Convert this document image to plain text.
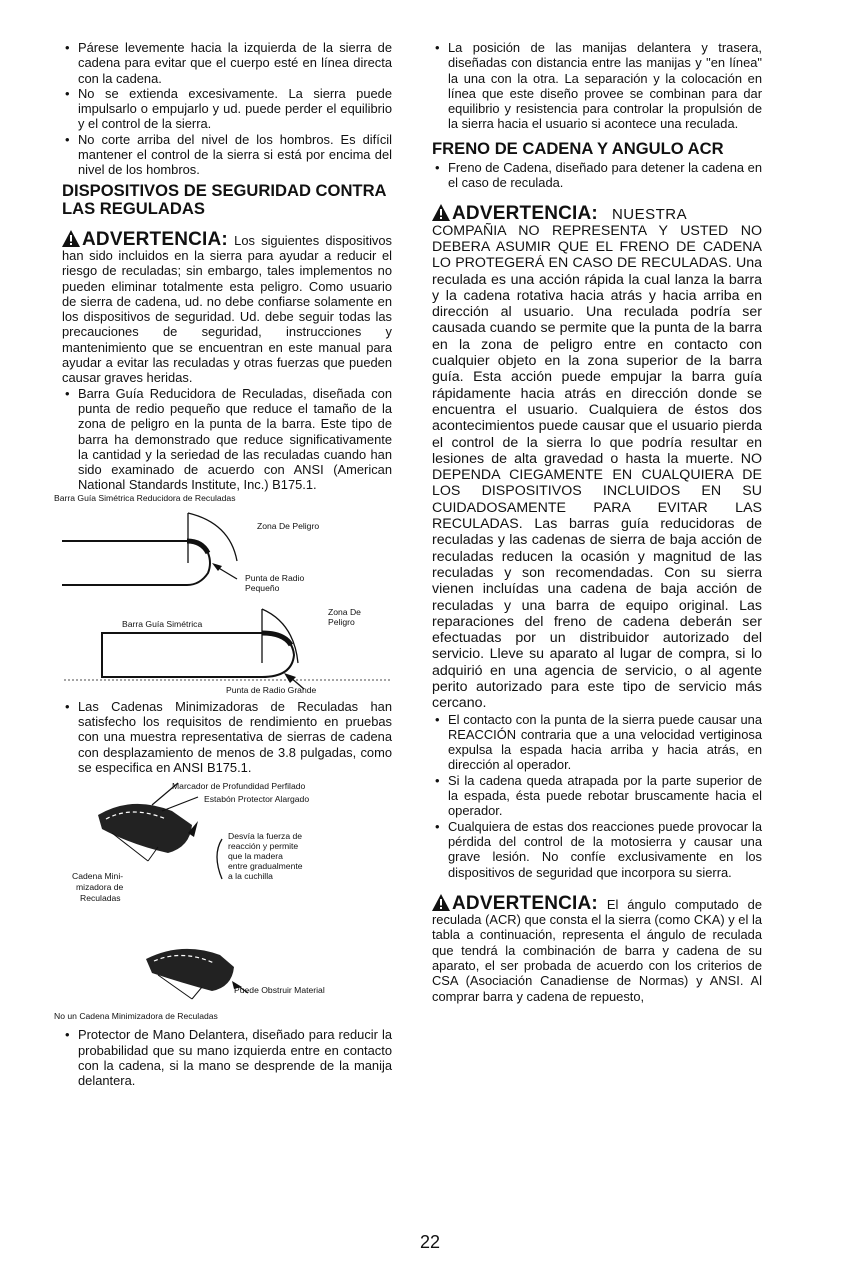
• Párese levemente hacia la izquierda de la sierra de cadena para evitar que el cuerpo esté en línea directa con la cadena.
• No se extienda excesivamente. La sierra puede impulsarlo o empujarlo y ud. puede perder el equilibrio y el control de la sierra.
• No corte arriba del nivel de los hombros. Es difícil mantener el control de la sierra si está por encima del nivel de los hombros.
DISPOSITIVOS DE SEGURIDAD CONTRA LAS REGULADAS

ADVERTENCIA: Los siguientes dispositivos han sido incluidos en la sierra para ayudar a reducir el riesgo de reculadas; sin embargo, tales implementos no pueden eliminar totalmente esta peligro. Como usuario de sierra de cadena, ud. no debe confiarse solamente en los dispositivos de seguridad. Ud. debe seguir todas las precauciones de seguridad, instrucciones y mantenimiento que se encuentran en este manual para ayudar a evitar las reculadas y otras fuerzas que pueden causar graves heridas.

• Barra Guía Reducidora de Reculadas, diseñada con punta de redio pequeño que reduce el tamaño de la zona de peligro en la punta de la barra. Este tipo de barra ha demonstrado que reduce significativamente la cantidad y la seriedad de las reculadas cuando han sido examinado de acuerdo con ANSI (American National Standards Institute, Inc.) B175.1.
Barra Guía Simétrica Reducidora de Reculadas
Zona De Peligro
Punta de Radio
Pequeño
Zona De
Peligro
Barra Guía Simétrica
Punta de Radio Grande
• Las Cadenas Minimizadoras de Reculadas han satisfecho los requisitos de rendimiento en pruebas con una muestra representativa de sierras de cadena con desplazamiento de menos de 3.8 pulgadas, como se especifica en ANSI B175.1.
Marcador de Profundidad Perfilado
Estabón Protector Alargado
Desvía la fuerza de
reacción y permite
que la madera
entre gradualmente
a la cuchilla
Cadena Mini-
mizadora de
Reculadas
Puede Obstruir Material
No un Cadena Minimizadora de Reculadas
• Protector de Mano Delantera, diseñado para reducir la probabilidad que su mano izquierda entre en contacto con la cadena, si la mano se desprende de la manija delantera.
• La posición de las manijas delantera y trasera, diseñadas con distancia entre las manijas y "en línea" la una con la otra. La separación y la colocación en línea que este diseño provee se combinan para dar equilibrio y resistencia para controlar la propulsión de la sierra hacia el usuario si acontece una reculada.
FRENO DE CADENA Y ANGULO ACR
• Freno de Cadena, diseñado para detener la cadena en el caso de reculada.

ADVERTENCIA: NUESTRA COMPAÑIA NO REPRESENTA Y USTED NO DEBERA ASUMIR QUE EL FRENO DE CADENA LO PROTEGERÁ EN CASO DE RECULADAS. Una reculada es una acción rápida la cual lanza la barra y la cadena rotativa hacia atrás y hacia arriba en dirección al usuario. Una reculada podría ser causada cuando se permite que la punta de la barra en la zona de peligro entre en contacto con cualquier objeto en la zona superior de la barra guía. Esta acción puede empujar la barra guía rápidamente hacia atrás en dirección donde se encuentra el usuario. Cualquiera de éstos dos acontecimientos puede causar que el usuario pierda el control de la sierra lo que podría resultar en lesiones de alta gravedad o hasta la muerte. NO DEPENDA CIEGAMENTE EN CUALQUIERA DE LOS DISPOSITIVOS INCLUIDOS EN SU CUIDADOSAMENTE PARA EVITAR LAS RECULADAS. Las barras guía reducidoras de reculadas y las cadenas de sierra de baja acción de reculadas reducen la ocasión y magnitud de las reculadas y son recomendadas. Con su sierra vienen incluídas una cadena de baja acción de reculadas y una barra de equipo original. Las reparaciones del freno de cadena deberán ser efectuadas por un distribuidor autorizado del servicio. Lleve su aparato al lugar de compra, si lo adquirió en una agencia de servicio, o al agente perito autorizado para este tipo de servicio más cercano.

• El contacto con la punta de la sierra puede causar una REACCIÓN contraria que a una velocidad vertiginosa expulsa la espada hacia arriba y hacia atrás, en dirección al operador.
• Si la cadena queda atrapada por la parte superior de la espada, ésta puede rebotar bruscamente hacia el operador.
• Cualquiera de estas dos reacciones puede provocar la pérdida del control de la motosierra y causar una grave lesión. No confíe exclusivamente en los dispositivos de seguridad que incorpora su sierra.

ADVERTENCIA: El ángulo computado de reculada (ACR) que consta el la sierra (como CKA) y el la tabla a continuación, representa el ángulo de reculada que tendrá la combinación de barra y cadena de su aparato, el ser probada de acuerdo con los criterios de CSA (Asociación Canadiense de Normas) y ANSI. Al comprar barra y cadena de repuesto,

22
